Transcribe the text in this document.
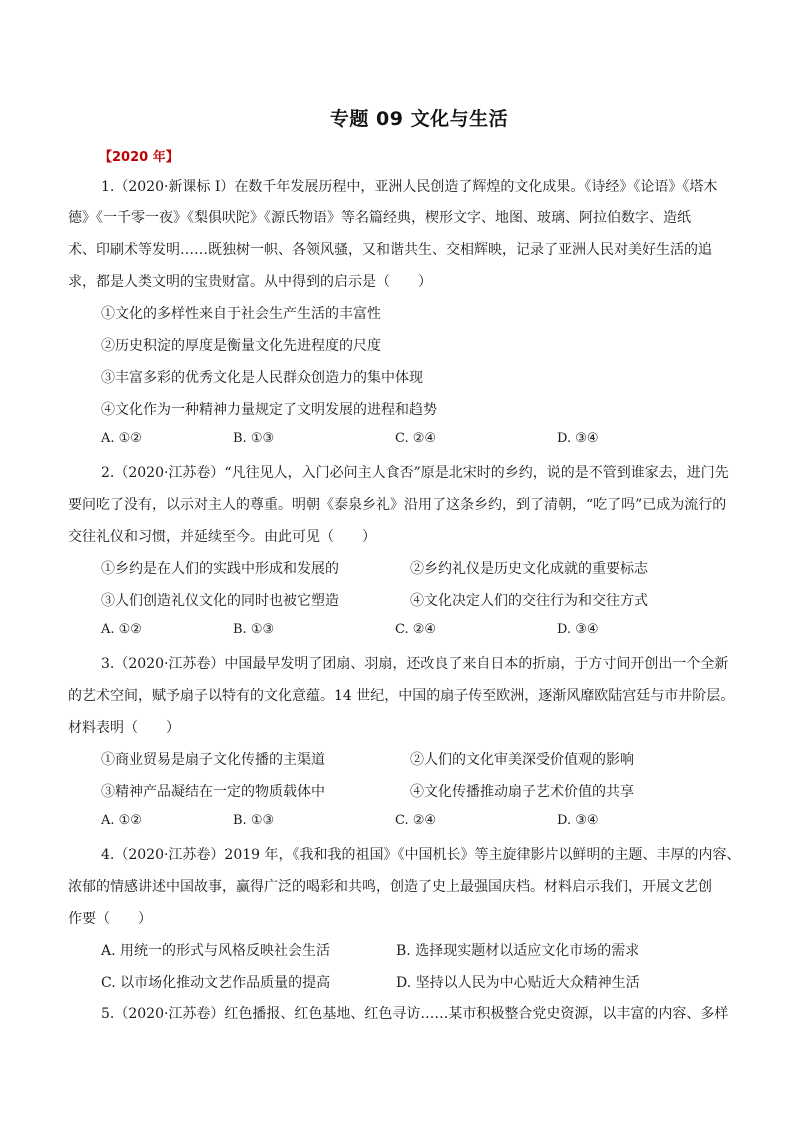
专题 09 文化与生活
【2020 年】
1.（2020·新课标 I）在数千年发展历程中，亚洲人民创造了辉煌的文化成果。《诗经》《论语》《塔木
德》《一千零一夜》《梨俱吠陀》《源氏物语》等名篇经典，楔形文字、地图、玻璃、阿拉伯数字、造纸
术、印刷术等发明……既独树一帜、各领风骚，又和谐共生、交相辉映，记录了亚洲人民对美好生活的追
求，都是人类文明的宝贵财富。从中得到的启示是（　　）
①文化的多样性来自于社会生产生活的丰富性
②历史积淀的厚度是衡量文化先进程度的尺度
③丰富多彩的优秀文化是人民群众创造力的集中体现
④文化作为一种精神力量规定了文明发展的进程和趋势
A. ①②	B. ①③	C. ②④	D. ③④
2.（2020·江苏卷）“凡往见人，入门必问主人食否”原是北宋时的乡约，说的是不管到谁家去，进门先
要问吃了没有，以示对主人的尊重。明朝《泰泉乡礼》沿用了这条乡约，到了清朝，“吃了吗”已成为流行的
交往礼仪和习惯，并延续至今。由此可见（　　）
①乡约是在人们的实践中形成和发展的	②乡约礼仪是历史文化成就的重要标志
③人们创造礼仪文化的同时也被它塑造	④文化决定人们的交往行为和交往方式
A. ①②	B. ①③	C. ②④	D. ③④
3.（2020·江苏卷）中国最早发明了团扇、羽扇，还改良了来自日本的折扇，于方寸间开创出一个全新
的艺术空间，赋予扇子以特有的文化意蕴。14 世纪，中国的扇子传至欧洲，逐渐风靡欧陆宫廷与市井阶层。
材料表明（　　）
①商业贸易是扇子文化传播的主渠道	②人们的文化审美深受价值观的影响
③精神产品凝结在一定的物质载体中	④文化传播推动扇子艺术价值的共享
A. ①②	B. ①③	C. ②④	D. ③④
4.（2020·江苏卷）2019 年，《我和我的祖国》《中国机长》等主旋律影片以鲜明的主题、丰厚的内容、
浓郁的情感讲述中国故事，赢得广泛的喝彩和共鸣，创造了史上最强国庆档。材料启示我们，开展文艺创
作要（　　）
A. 用统一的形式与风格反映社会生活	B. 选择现实题材以适应文化市场的需求
C. 以市场化推动文艺作品质量的提高	D. 坚持以人民为中心贴近大众精神生活
5.（2020·江苏卷）红色播报、红色基地、红色寻访……某市积极整合党史资源，以丰富的内容、多样
